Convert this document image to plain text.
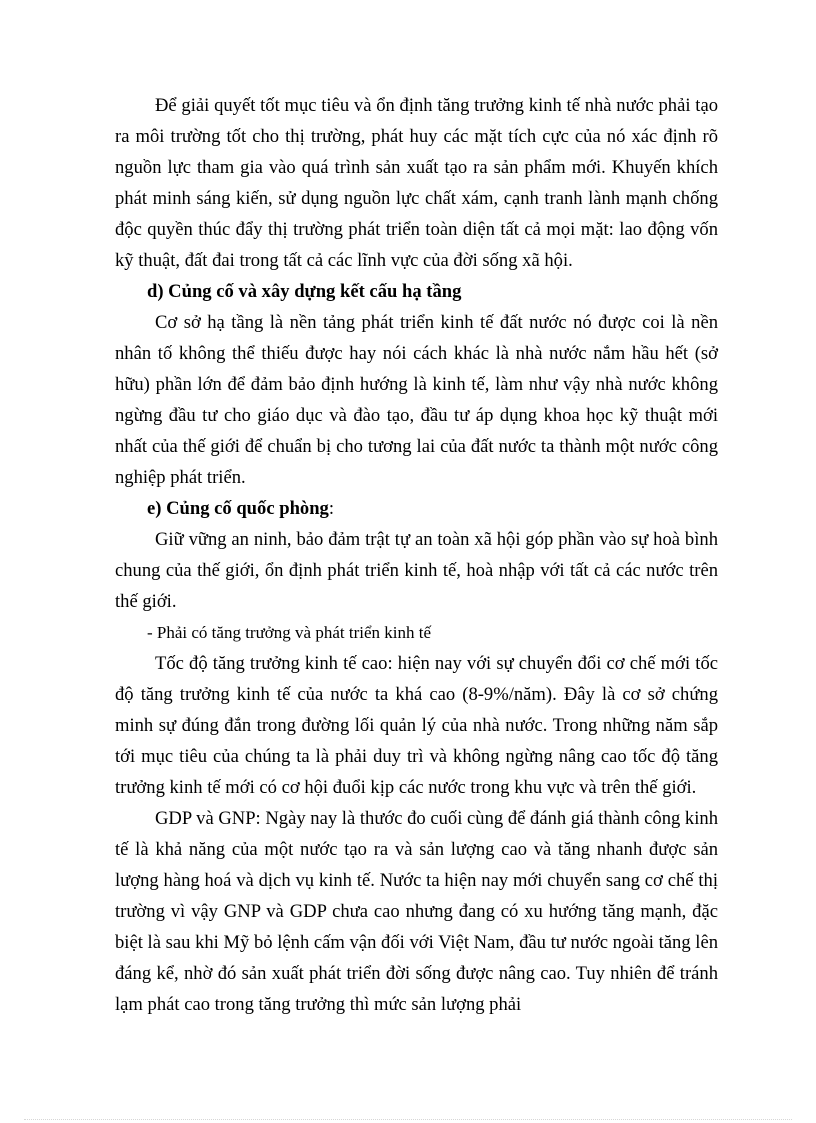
Để giải quyết tốt mục tiêu và ổn định tăng trưởng kinh tế nhà nước phải tạo ra môi trường tốt cho thị trường, phát huy các mặt tích cực của nó xác định rõ nguồn lực tham gia vào quá trình sản xuất tạo ra sản phẩm mới. Khuyến khích phát minh sáng kiến, sử dụng nguồn lực chất xám, cạnh tranh lành mạnh chống độc quyền thúc đẩy thị trường phát triển toàn diện tất cả mọi mặt: lao động vốn kỹ thuật, đất đai trong tất cả các lĩnh vực của đời sống xã hội.

d) Củng cố và xây dựng kết cấu hạ tầng

Cơ sở hạ tầng là nền tảng phát triển kinh tế đất nước nó được coi là nền nhân tố không thể thiếu được hay nói cách khác là nhà nước nắm hầu hết (sở hữu) phần lớn để đảm bảo định hướng là kinh tế, làm như vậy nhà nước không ngừng đầu tư cho giáo dục và đào tạo, đầu tư áp dụng khoa học kỹ thuật mới nhất của thế giới để chuẩn bị cho tương lai của đất nước ta thành một nước công nghiệp phát triển.

e) Củng cố quốc phòng:

Giữ vững an ninh, bảo đảm trật tự an toàn xã hội góp phần vào sự hoà bình chung của thế giới, ổn định phát triển kinh tế, hoà nhập với tất cả các nước trên thế giới.

- Phải có tăng trưởng và phát triển kinh tế

Tốc độ tăng trưởng kinh tế cao: hiện nay với sự chuyển đổi cơ chế mới tốc độ tăng trưởng kinh tế của nước ta khá cao (8-9%/năm). Đây là cơ sở chứng minh sự đúng đắn trong đường lối quản lý của nhà nước. Trong những năm sắp tới mục tiêu của chúng ta là phải duy trì và không ngừng nâng cao tốc độ tăng trưởng kinh tế mới có cơ hội đuổi kịp các nước trong khu vực và trên thế giới.

GDP và GNP: Ngày nay là thước đo cuối cùng để đánh giá thành công kinh tế là khả năng của một nước tạo ra và sản lượng cao và tăng nhanh được sản lượng hàng hoá và dịch vụ kinh tế. Nước ta hiện nay mới chuyển sang cơ chế thị trường vì vậy GNP và GDP chưa cao nhưng đang có xu hướng tăng mạnh, đặc biệt là sau khi Mỹ bỏ lệnh cấm vận đối với Việt Nam, đầu tư nước ngoài tăng lên đáng kể, nhờ đó sản xuất phát triển đời sống được nâng cao. Tuy nhiên để tránh lạm phát cao trong tăng trưởng thì mức sản lượng phải
